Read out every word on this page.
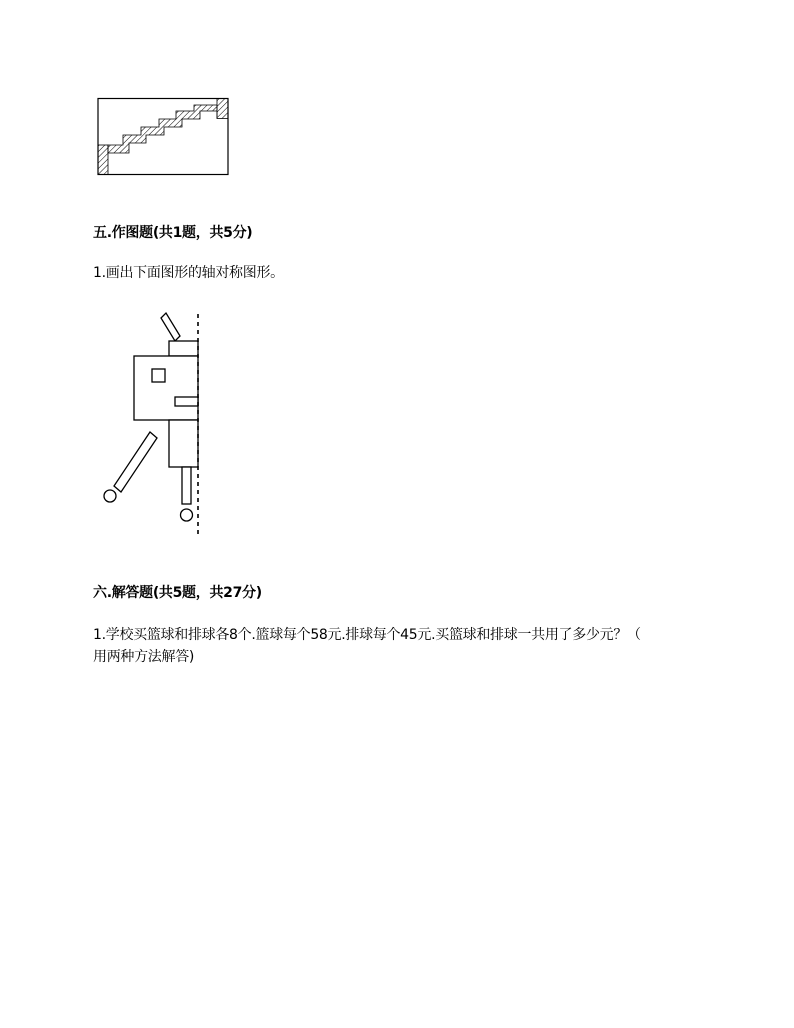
五.作图题(共1题，共5分)
1.画出下面图形的轴对称图形。
六.解答题(共5题，共27分)
1.学校买篮球和排球各8个.篮球每个58元.排球每个45元.买篮球和排球一共用了多少元？（
用两种方法解答)
